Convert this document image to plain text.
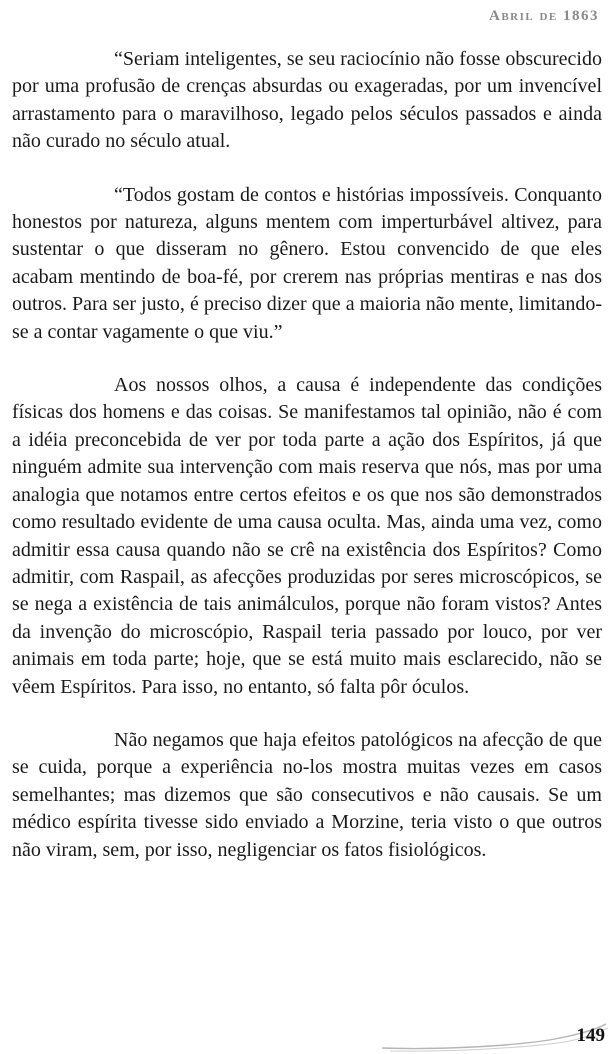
Abril de 1863

“Seriam inteligentes, se seu raciocínio não fosse obscurecido por uma profusão de crenças absurdas ou exageradas, por um invencível arrastamento para o maravilhoso, legado pelos séculos passados e ainda não curado no século atual.

“Todos gostam de contos e histórias impossíveis. Conquanto honestos por natureza, alguns mentem com imperturbável altivez, para sustentar o que disseram no gênero. Estou convencido de que eles acabam mentindo de boa-fé, por crerem nas próprias mentiras e nas dos outros. Para ser justo, é preciso dizer que a maioria não mente, limitando-se a contar vagamente o que viu.”

Aos nossos olhos, a causa é independente das condições físicas dos homens e das coisas. Se manifestamos tal opinião, não é com a idéia preconcebida de ver por toda parte a ação dos Espíritos, já que ninguém admite sua intervenção com mais reserva que nós, mas por uma analogia que notamos entre certos efeitos e os que nos são demonstrados como resultado evidente de uma causa oculta. Mas, ainda uma vez, como admitir essa causa quando não se crê na existência dos Espíritos? Como admitir, com Raspail, as afecções produzidas por seres microscópicos, se se nega a existência de tais animálculos, porque não foram vistos? Antes da invenção do microscópio, Raspail teria passado por louco, por ver animais em toda parte; hoje, que se está muito mais esclarecido, não se vêem Espíritos. Para isso, no entanto, só falta pôr óculos.

Não negamos que haja efeitos patológicos na afecção de que se cuida, porque a experiência no-los mostra muitas vezes em casos semelhantes; mas dizemos que são consecutivos e não causais. Se um médico espírita tivesse sido enviado a Morzine, teria visto o que outros não viram, sem, por isso, negligenciar os fatos fisiológicos.

149
